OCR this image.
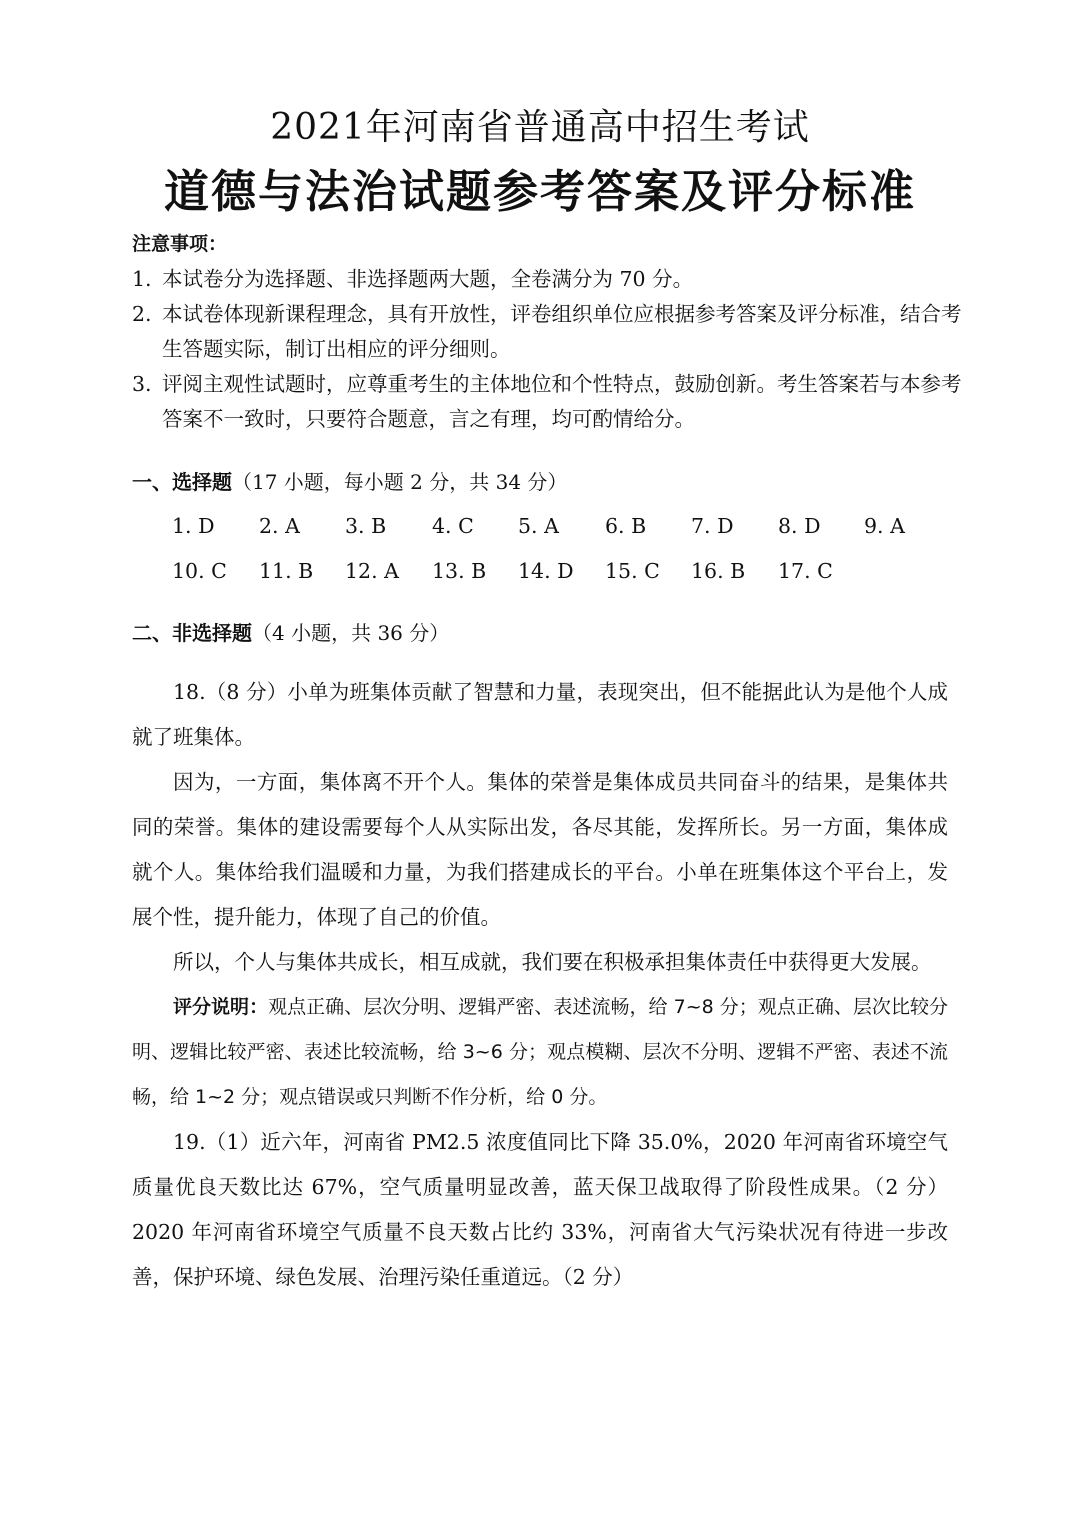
2021年河南省普通高中招生考试
道德与法治试题参考答案及评分标准
注意事项：
1. 本试卷分为选择题、非选择题两大题，全卷满分为 70 分。
2. 本试卷体现新课程理念，具有开放性，评卷组织单位应根据参考答案及评分标准，结合考生答题实际，制订出相应的评分细则。
3. 评阅主观性试题时，应尊重考生的主体地位和个性特点，鼓励创新。考生答案若与本参考答案不一致时，只要符合题意，言之有理，均可酌情给分。
一、选择题（17 小题，每小题 2 分，共 34 分）
1. D 2. A 3. B 4. C 5. A 6. B 7. D 8. D 9. A
10. C 11. B 12. A 13. B 14. D 15. C 16. B 17. C
二、非选择题（4 小题，共 36 分）

18.（8 分）小单为班集体贡献了智慧和力量，表现突出，但不能据此认为是他个人成就了班集体。

因为，一方面，集体离不开个人。集体的荣誉是集体成员共同奋斗的结果，是集体共同的荣誉。集体的建设需要每个人从实际出发，各尽其能，发挥所长。另一方面，集体成就个人。集体给我们温暖和力量，为我们搭建成长的平台。小单在班集体这个平台上，发展个性，提升能力，体现了自己的价值。

所以，个人与集体共成长，相互成就，我们要在积极承担集体责任中获得更大发展。

评分说明：观点正确、层次分明、逻辑严密、表述流畅，给 7~8 分；观点正确、层次比较分明、逻辑比较严密、表述比较流畅，给 3~6 分；观点模糊、层次不分明、逻辑不严密、表述不流畅，给 1~2 分；观点错误或只判断不作分析，给 0 分。

19.（1）近六年，河南省 PM2.5 浓度值同比下降 35.0%，2020 年河南省环境空气质量优良天数比达 67%，空气质量明显改善，蓝天保卫战取得了阶段性成果。（2 分）2020 年河南省环境空气质量不良天数占比约 33%，河南省大气污染状况有待进一步改善，保护环境、绿色发展、治理污染任重道远。（2 分）
